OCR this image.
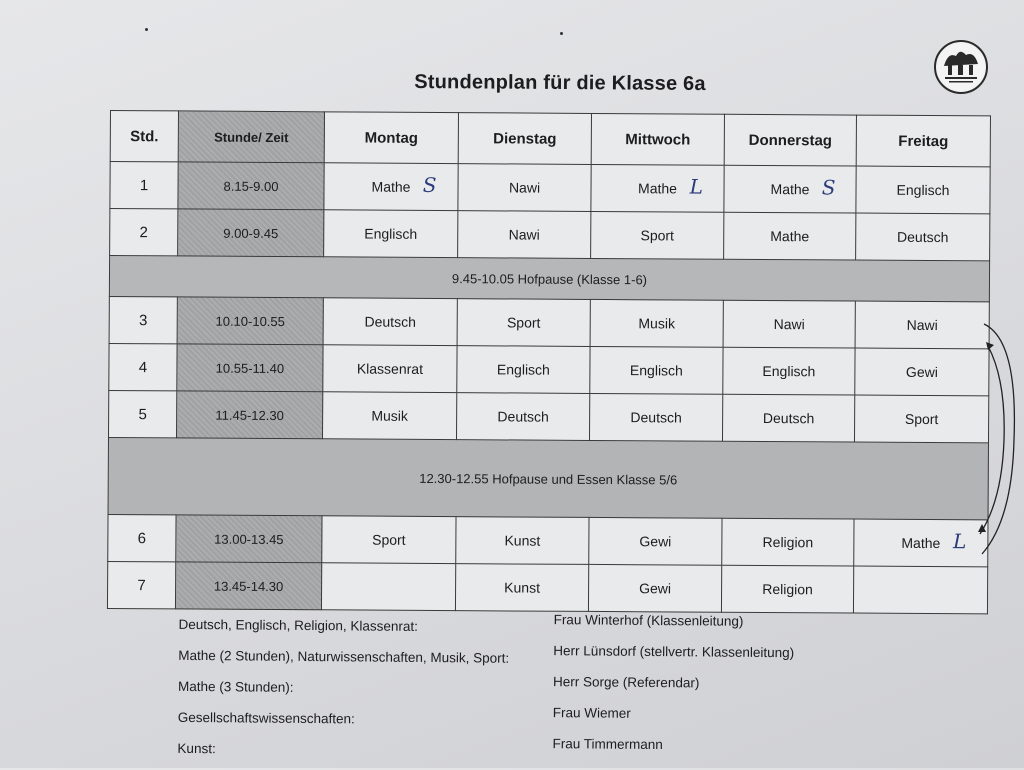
Stundenplan für die Klasse 6a
Std.	Stunde/ Zeit	Montag	Dienstag	Mittwoch	Donnerstag	Freitag
1	8.15-9.00	Mathe S	Nawi	Mathe L	Mathe S	Englisch
2	9.00-9.45	Englisch	Nawi	Sport	Mathe	Deutsch
9.45-10.05 Hofpause (Klasse 1-6)						
3	10.10-10.55	Deutsch	Sport	Musik	Nawi	Nawi
4	10.55-11.40	Klassenrat	Englisch	Englisch	Englisch	Gewi
5	11.45-12.30	Musik	Deutsch	Deutsch	Deutsch	Sport
12.30-12.55 Hofpause und Essen Klasse 5/6						
6	13.00-13.45	Sport	Kunst	Gewi	Religion	Mathe L

7	13.45-14.30		Kunst	Gewi	Religion	
Deutsch, Englisch, Religion, Klassenrat:	Frau Winterhof (Klassenleitung)
Mathe (2 Stunden), Naturwissenschaften, Musik, Sport:	Herr Lünsdorf (stellvertr. Klassenleitung)
Mathe (3 Stunden):	Herr Sorge (Referendar)
Gesellschaftswissenschaften:	Frau Wiemer
Kunst:	Frau Timmermann
